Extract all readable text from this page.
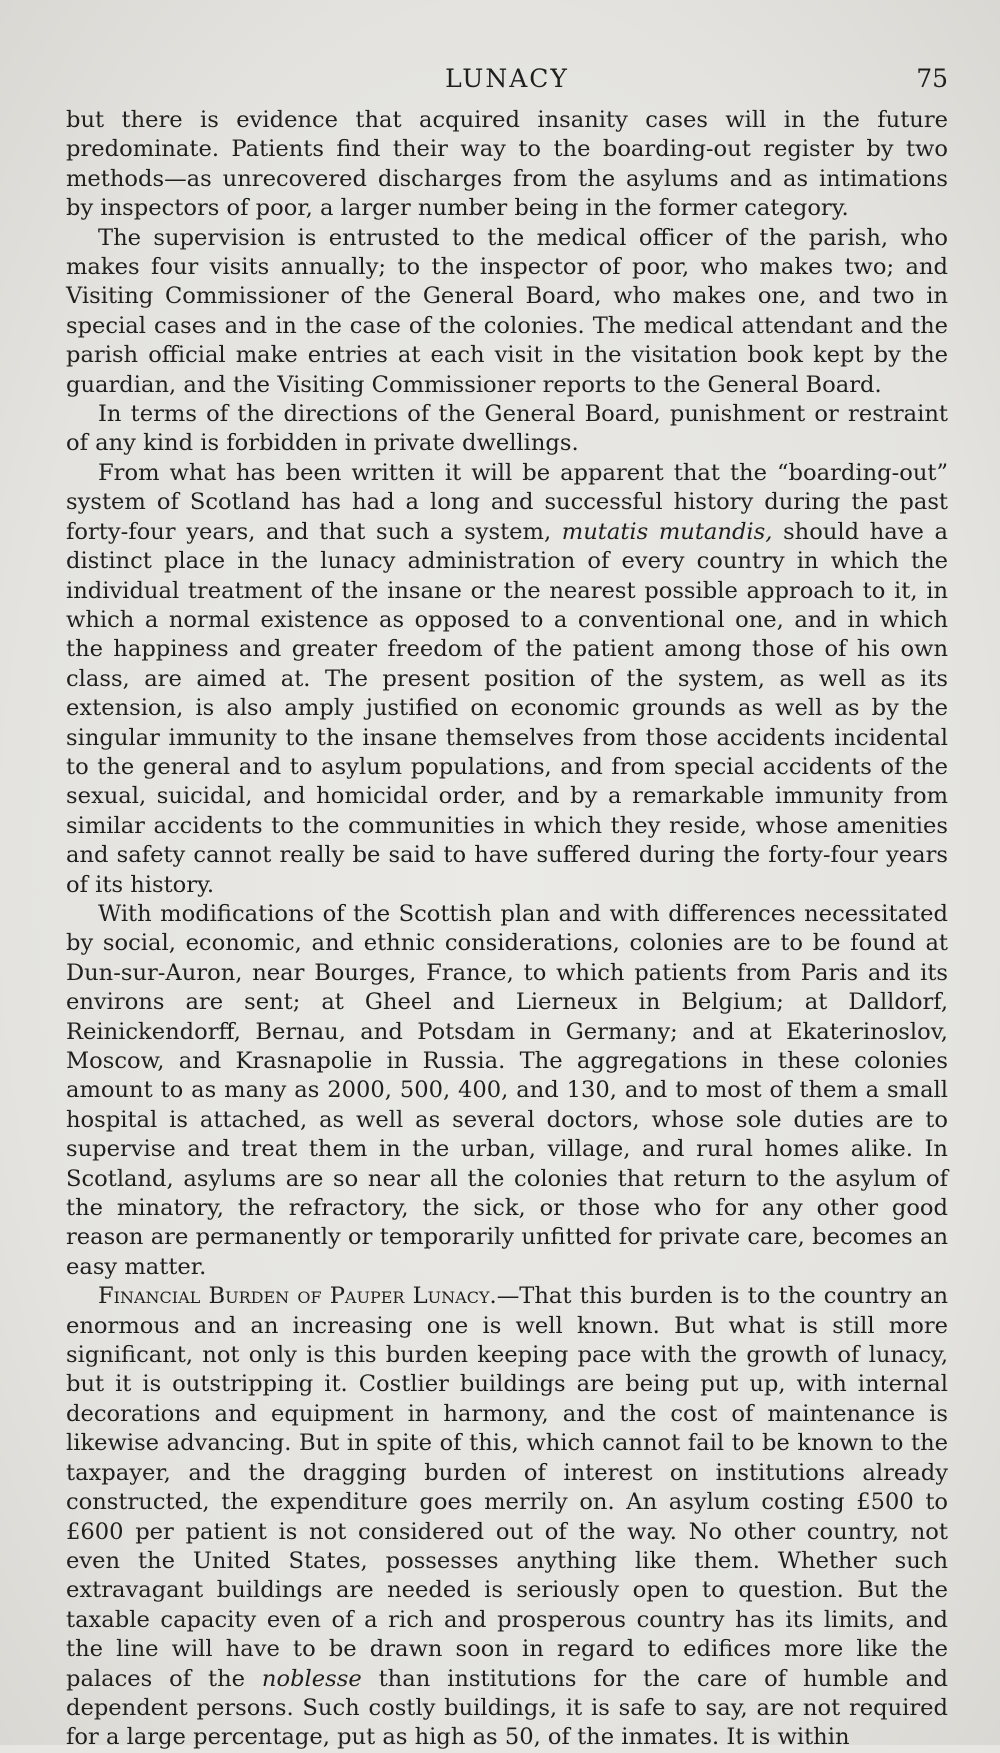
LUNACY	75

but there is evidence that acquired insanity cases will in the future predominate. Patients find their way to the boarding-out register by two methods—as unrecovered discharges from the asylums and as intimations by inspectors of poor, a larger number being in the former category.

The supervision is entrusted to the medical officer of the parish, who makes four visits annually; to the inspector of poor, who makes two; and Visiting Commissioner of the General Board, who makes one, and two in special cases and in the case of the colonies. The medical attendant and the parish official make entries at each visit in the visitation book kept by the guardian, and the Visiting Commissioner reports to the General Board.

In terms of the directions of the General Board, punishment or restraint of any kind is forbidden in private dwellings.

From what has been written it will be apparent that the “boarding-out” system of Scotland has had a long and successful history during the past forty-four years, and that such a system, mutatis mutandis, should have a distinct place in the lunacy administration of every country in which the individual treatment of the insane or the nearest possible approach to it, in which a normal existence as opposed to a conventional one, and in which the happiness and greater freedom of the patient among those of his own class, are aimed at. The present position of the system, as well as its extension, is also amply justified on economic grounds as well as by the singular immunity to the insane themselves from those accidents incidental to the general and to asylum populations, and from special accidents of the sexual, suicidal, and homicidal order, and by a remarkable immunity from similar accidents to the communities in which they reside, whose amenities and safety cannot really be said to have suffered during the forty-four years of its history.

With modifications of the Scottish plan and with differences necessitated by social, economic, and ethnic considerations, colonies are to be found at Dun-sur-Auron, near Bourges, France, to which patients from Paris and its environs are sent; at Gheel and Lierneux in Belgium; at Dalldorf, Reinickendorff, Bernau, and Potsdam in Germany; and at Ekaterinoslov, Moscow, and Krasnapolie in Russia. The aggregations in these colonies amount to as many as 2000, 500, 400, and 130, and to most of them a small hospital is attached, as well as several doctors, whose sole duties are to supervise and treat them in the urban, village, and rural homes alike. In Scotland, asylums are so near all the colonies that return to the asylum of the minatory, the refractory, the sick, or those who for any other good reason are permanently or temporarily unfitted for private care, becomes an easy matter.

Financial Burden of Pauper Lunacy.—That this burden is to the country an enormous and an increasing one is well known. But what is still more significant, not only is this burden keeping pace with the growth of lunacy, but it is outstripping it. Costlier buildings are being put up, with internal decorations and equipment in harmony, and the cost of maintenance is likewise advancing. But in spite of this, which cannot fail to be known to the taxpayer, and the dragging burden of interest on institutions already constructed, the expenditure goes merrily on. An asylum costing £500 to £600 per patient is not considered out of the way. No other country, not even the United States, possesses anything like them. Whether such extravagant buildings are needed is seriously open to question. But the taxable capacity even of a rich and prosperous country has its limits, and the line will have to be drawn soon in regard to edifices more like the palaces of the noblesse than institutions for the care of humble and dependent persons. Such costly buildings, it is safe to say, are not required for a large percentage, put as high as 50, of the inmates. It is within
